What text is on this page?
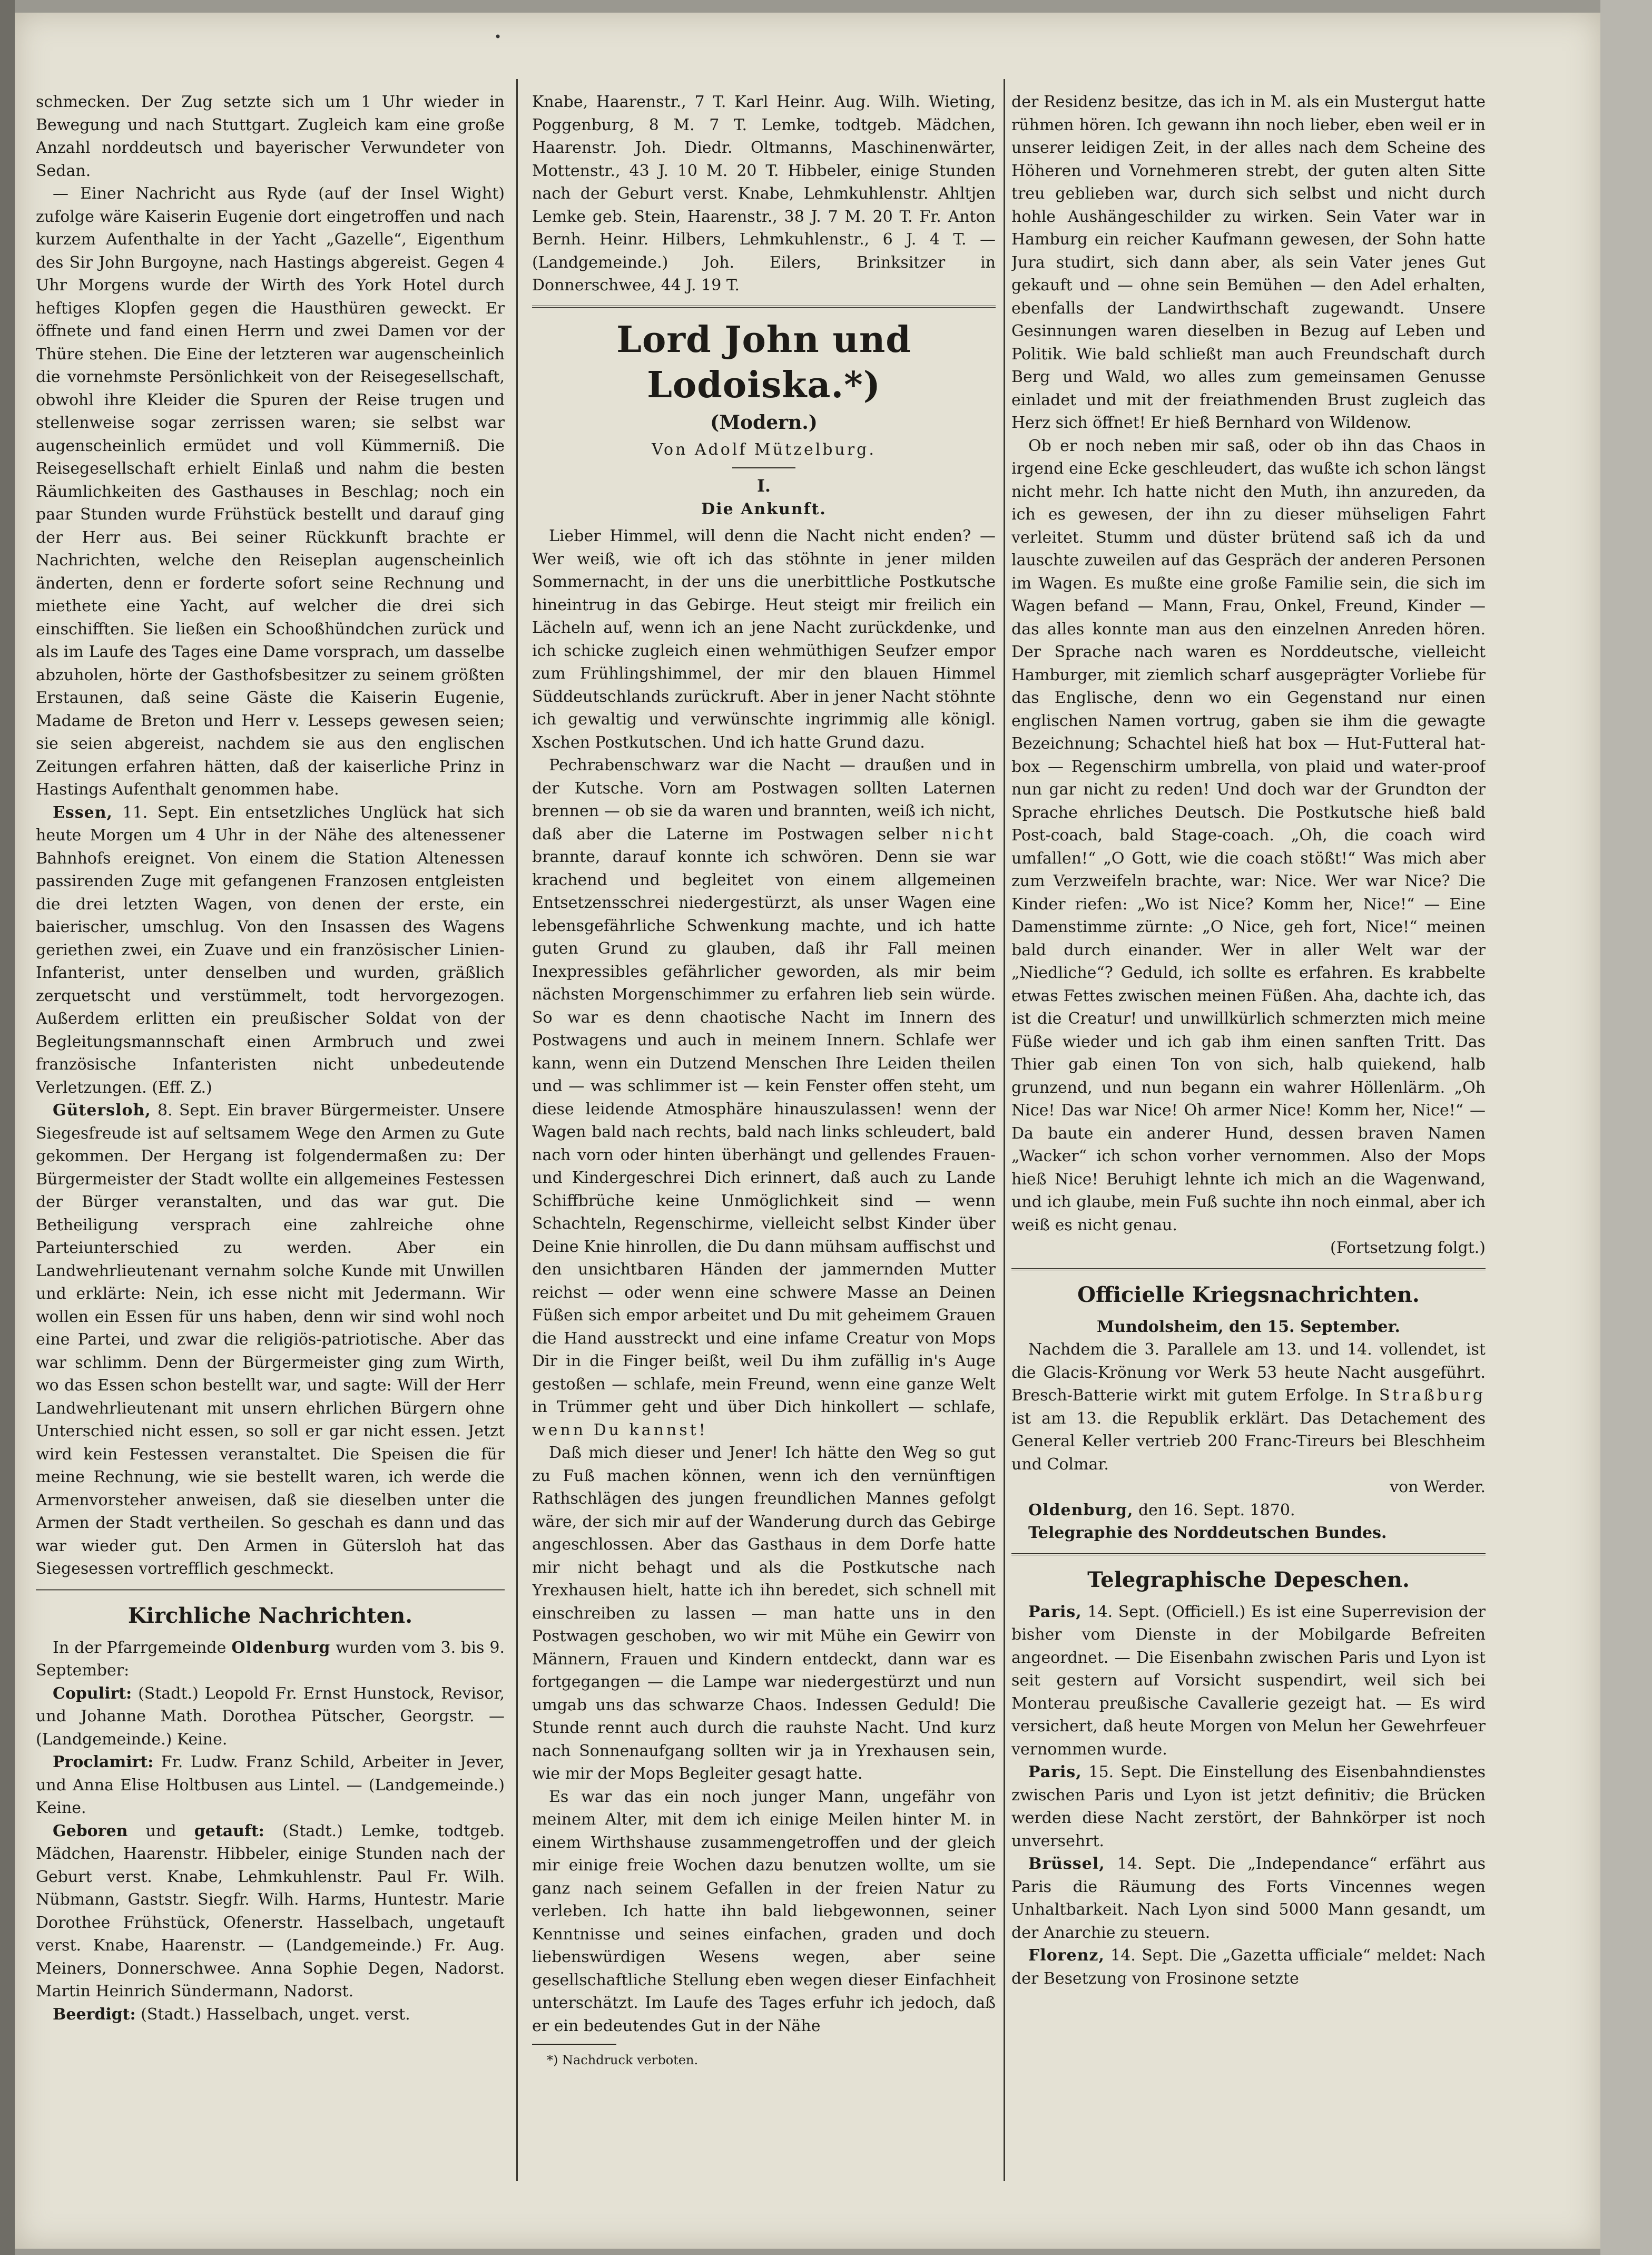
•

schmecken. Der Zug setzte sich um 1 Uhr wieder in Bewegung und nach Stuttgart. Zugleich kam eine große Anzahl norddeutsch und bayerischer Verwundeter von Sedan.

— Einer Nachricht aus Ryde (auf der Insel Wight) zufolge wäre Kaiserin Eugenie dort eingetroffen und nach kurzem Aufenthalte in der Yacht „Gazelle“, Eigenthum des Sir John Burgoyne, nach Hastings abgereist. Gegen 4 Uhr Morgens wurde der Wirth des York Hotel durch heftiges Klopfen gegen die Hausthüren geweckt. Er öffnete und fand einen Herrn und zwei Damen vor der Thüre stehen. Die Eine der letzteren war augenscheinlich die vornehmste Persönlichkeit von der Reisegesellschaft, obwohl ihre Kleider die Spuren der Reise trugen und stellenweise sogar zerrissen waren; sie selbst war augenscheinlich ermüdet und voll Kümmerniß. Die Reisegesellschaft erhielt Einlaß und nahm die besten Räumlichkeiten des Gasthauses in Beschlag; noch ein paar Stunden wurde Frühstück bestellt und darauf ging der Herr aus. Bei seiner Rückkunft brachte er Nachrichten, welche den Reiseplan augenscheinlich änderten, denn er forderte sofort seine Rechnung und miethete eine Yacht, auf welcher die drei sich einschifften. Sie ließen ein Schooßhündchen zurück und als im Laufe des Tages eine Dame vorsprach, um dasselbe abzuholen, hörte der Gasthofsbesitzer zu seinem größten Erstaunen, daß seine Gäste die Kaiserin Eugenie, Madame de Breton und Herr v. Lesseps gewesen seien; sie seien abgereist, nachdem sie aus den englischen Zeitungen erfahren hätten, daß der kaiserliche Prinz in Hastings Aufenthalt genommen habe.

Essen, 11. Sept. Ein entsetzliches Unglück hat sich heute Morgen um 4 Uhr in der Nähe des altenessener Bahnhofs ereignet. Von einem die Station Altenessen passirenden Zuge mit gefangenen Franzosen entgleisten die drei letzten Wagen, von denen der erste, ein baierischer, umschlug. Von den Insassen des Wagens geriethen zwei, ein Zuave und ein französischer Linien-Infanterist, unter denselben und wurden, gräßlich zerquetscht und verstümmelt, todt hervorgezogen. Außerdem erlitten ein preußischer Soldat von der Begleitungsmannschaft einen Armbruch und zwei französische Infanteristen nicht unbedeutende Verletzungen. (Eff. Z.)

Gütersloh, 8. Sept. Ein braver Bürgermeister. Unsere Siegesfreude ist auf seltsamem Wege den Armen zu Gute gekommen. Der Hergang ist folgendermaßen zu: Der Bürgermeister der Stadt wollte ein allgemeines Festessen der Bürger veranstalten, und das war gut. Die Betheiligung versprach eine zahlreiche ohne Parteiunterschied zu werden. Aber ein Landwehrlieutenant vernahm solche Kunde mit Unwillen und erklärte: Nein, ich esse nicht mit Jedermann. Wir wollen ein Essen für uns haben, denn wir sind wohl noch eine Partei, und zwar die religiös-patriotische. Aber das war schlimm. Denn der Bürgermeister ging zum Wirth, wo das Essen schon bestellt war, und sagte: Will der Herr Landwehrlieutenant mit unsern ehrlichen Bürgern ohne Unterschied nicht essen, so soll er gar nicht essen. Jetzt wird kein Festessen veranstaltet. Die Speisen die für meine Rechnung, wie sie bestellt waren, ich werde die Armenvorsteher anweisen, daß sie dieselben unter die Armen der Stadt vertheilen. So geschah es dann und das war wieder gut. Den Armen in Gütersloh hat das Siegesessen vortrefflich geschmeckt.

Kirchliche Nachrichten.

In der Pfarrgemeinde Oldenburg wurden vom 3. bis 9. September:

Copulirt: (Stadt.) Leopold Fr. Ernst Hunstock, Revisor, und Johanne Math. Dorothea Pütscher, Georgstr. — (Landgemeinde.) Keine.

Proclamirt: Fr. Ludw. Franz Schild, Arbeiter in Jever, und Anna Elise Holtbusen aus Lintel. — (Landgemeinde.) Keine.

Geboren und getauft: (Stadt.) Lemke, todtgeb. Mädchen, Haarenstr. Hibbeler, einige Stunden nach der Geburt verst. Knabe, Lehmkuhlenstr. Paul Fr. Wilh. Nübmann, Gaststr. Siegfr. Wilh. Harms, Huntestr. Marie Dorothee Frühstück, Ofenerstr. Hasselbach, ungetauft verst. Knabe, Haarenstr. — (Landgemeinde.) Fr. Aug. Meiners, Donnerschwee. Anna Sophie Degen, Nadorst. Martin Heinrich Sündermann, Nadorst.

Beerdigt: (Stadt.) Hasselbach, unget. verst.

Knabe, Haarenstr., 7 T. Karl Heinr. Aug. Wilh. Wieting, Poggenburg, 8 M. 7 T. Lemke, todtgeb. Mädchen, Haarenstr. Joh. Diedr. Oltmanns, Maschinenwärter, Mottenstr., 43 J. 10 M. 20 T. Hibbeler, einige Stunden nach der Geburt verst. Knabe, Lehmkuhlenstr. Ahltjen Lemke geb. Stein, Haarenstr., 38 J. 7 M. 20 T. Fr. Anton Bernh. Heinr. Hilbers, Lehmkuhlenstr., 6 J. 4 T. — (Landgemeinde.) Joh. Eilers, Brinksitzer in Donnerschwee, 44 J. 19 T.

Lord John und Lodoiska.*)
(Modern.)
Von Adolf Mützelburg.
I.
Die Ankunft.

Lieber Himmel, will denn die Nacht nicht enden? — Wer weiß, wie oft ich das stöhnte in jener milden Sommernacht, in der uns die unerbittliche Postkutsche hineintrug in das Gebirge. Heut steigt mir freilich ein Lächeln auf, wenn ich an jene Nacht zurückdenke, und ich schicke zugleich einen wehmüthigen Seufzer empor zum Frühlingshimmel, der mir den blauen Himmel Süddeutschlands zurückruft. Aber in jener Nacht stöhnte ich gewaltig und verwünschte ingrimmig alle königl. Xschen Postkutschen. Und ich hatte Grund dazu.

Pechrabenschwarz war die Nacht — draußen und in der Kutsche. Vorn am Postwagen sollten Laternen brennen — ob sie da waren und brannten, weiß ich nicht, daß aber die Laterne im Postwagen selber nicht brannte, darauf konnte ich schwören. Denn sie war krachend und begleitet von einem allgemeinen Entsetzensschrei niedergestürzt, als unser Wagen eine lebensgefährliche Schwenkung machte, und ich hatte guten Grund zu glauben, daß ihr Fall meinen Inexpressibles gefährlicher geworden, als mir beim nächsten Morgenschimmer zu erfahren lieb sein würde. So war es denn chaotische Nacht im Innern des Postwagens und auch in meinem Innern. Schlafe wer kann, wenn ein Dutzend Menschen Ihre Leiden theilen und — was schlimmer ist — kein Fenster offen steht, um diese leidende Atmosphäre hinauszulassen! wenn der Wagen bald nach rechts, bald nach links schleudert, bald nach vorn oder hinten überhängt und gellendes Frauen- und Kindergeschrei Dich erinnert, daß auch zu Lande Schiffbrüche keine Unmöglichkeit sind — wenn Schachteln, Regenschirme, vielleicht selbst Kinder über Deine Knie hinrollen, die Du dann mühsam auffischst und den unsichtbaren Händen der jammernden Mutter reichst — oder wenn eine schwere Masse an Deinen Füßen sich empor arbeitet und Du mit geheimem Grauen die Hand ausstreckt und eine infame Creatur von Mops Dir in die Finger beißt, weil Du ihm zufällig in's Auge gestoßen — schlafe, mein Freund, wenn eine ganze Welt in Trümmer geht und über Dich hinkollert — schlafe, wenn Du kannst!

Daß mich dieser und Jener! Ich hätte den Weg so gut zu Fuß machen können, wenn ich den vernünftigen Rathschlägen des jungen freundlichen Mannes gefolgt wäre, der sich mir auf der Wanderung durch das Gebirge angeschlossen. Aber das Gasthaus in dem Dorfe hatte mir nicht behagt und als die Postkutsche nach Yrexhausen hielt, hatte ich ihn beredet, sich schnell mit einschreiben zu lassen — man hatte uns in den Postwagen geschoben, wo wir mit Mühe ein Gewirr von Männern, Frauen und Kindern entdeckt, dann war es fortgegangen — die Lampe war niedergestürzt und nun umgab uns das schwarze Chaos. Indessen Geduld! Die Stunde rennt auch durch die rauhste Nacht. Und kurz nach Sonnenaufgang sollten wir ja in Yrexhausen sein, wie mir der Mops Begleiter gesagt hatte.

Es war das ein noch junger Mann, ungefähr von meinem Alter, mit dem ich einige Meilen hinter M. in einem Wirthshause zusammengetroffen und der gleich mir einige freie Wochen dazu benutzen wollte, um sie ganz nach seinem Gefallen in der freien Natur zu verleben. Ich hatte ihn bald liebgewonnen, seiner Kenntnisse und seines einfachen, graden und doch liebenswürdigen Wesens wegen, aber seine gesellschaftliche Stellung eben wegen dieser Einfachheit unterschätzt. Im Laufe des Tages erfuhr ich jedoch, daß er ein bedeutendes Gut in der Nähe

*) Nachdruck verboten.

der Residenz besitze, das ich in M. als ein Mustergut hatte rühmen hören. Ich gewann ihn noch lieber, eben weil er in unserer leidigen Zeit, in der alles nach dem Scheine des Höheren und Vornehmeren strebt, der guten alten Sitte treu geblieben war, durch sich selbst und nicht durch hohle Aushängeschilder zu wirken. Sein Vater war in Hamburg ein reicher Kaufmann gewesen, der Sohn hatte Jura studirt, sich dann aber, als sein Vater jenes Gut gekauft und — ohne sein Bemühen — den Adel erhalten, ebenfalls der Landwirthschaft zugewandt. Unsere Gesinnungen waren dieselben in Bezug auf Leben und Politik. Wie bald schließt man auch Freundschaft durch Berg und Wald, wo alles zum gemeinsamen Genusse einladet und mit der freiathmenden Brust zugleich das Herz sich öffnet! Er hieß Bernhard von Wildenow.

Ob er noch neben mir saß, oder ob ihn das Chaos in irgend eine Ecke geschleudert, das wußte ich schon längst nicht mehr. Ich hatte nicht den Muth, ihn anzureden, da ich es gewesen, der ihn zu dieser mühseligen Fahrt verleitet. Stumm und düster brütend saß ich da und lauschte zuweilen auf das Gespräch der anderen Personen im Wagen. Es mußte eine große Familie sein, die sich im Wagen befand — Mann, Frau, Onkel, Freund, Kinder — das alles konnte man aus den einzelnen Anreden hören. Der Sprache nach waren es Norddeutsche, vielleicht Hamburger, mit ziemlich scharf ausgeprägter Vorliebe für das Englische, denn wo ein Gegenstand nur einen englischen Namen vortrug, gaben sie ihm die gewagte Bezeichnung; Schachtel hieß hat box — Hut-Futteral hat-box — Regenschirm umbrella, von plaid und water-proof nun gar nicht zu reden! Und doch war der Grundton der Sprache ehrliches Deutsch. Die Postkutsche hieß bald Post-coach, bald Stage-coach. „Oh, die coach wird umfallen!“ „O Gott, wie die coach stößt!“ Was mich aber zum Verzweifeln brachte, war: Nice. Wer war Nice? Die Kinder riefen: „Wo ist Nice? Komm her, Nice!“ — Eine Damenstimme zürnte: „O Nice, geh fort, Nice!“ meinen bald durch einander. Wer in aller Welt war der „Niedliche“? Geduld, ich sollte es erfahren. Es krabbelte etwas Fettes zwischen meinen Füßen. Aha, dachte ich, das ist die Creatur! und unwillkürlich schmerzten mich meine Füße wieder und ich gab ihm einen sanften Tritt. Das Thier gab einen Ton von sich, halb quiekend, halb grunzend, und nun begann ein wahrer Höllenlärm. „Oh Nice! Das war Nice! Oh armer Nice! Komm her, Nice!“ — Da baute ein anderer Hund, dessen braven Namen „Wacker“ ich schon vorher vernommen. Also der Mops hieß Nice! Beruhigt lehnte ich mich an die Wagenwand, und ich glaube, mein Fuß suchte ihn noch einmal, aber ich weiß es nicht genau.

(Fortsetzung folgt.)
Officielle Kriegsnachrichten.
Mundolsheim, den 15. September.

Nachdem die 3. Parallele am 13. und 14. vollendet, ist die Glacis-Krönung vor Werk 53 heute Nacht ausgeführt. Bresch-Batterie wirkt mit gutem Erfolge. In Straßburg ist am 13. die Republik erklärt. Das Detachement des General Keller vertrieb 200 Franc-Tireurs bei Bleschheim und Colmar.

von Werder.

Oldenburg, den 16. Sept. 1870.

Telegraphie des Norddeutschen Bundes.

Telegraphische Depeschen.

Paris, 14. Sept. (Officiell.) Es ist eine Superrevision der bisher vom Dienste in der Mobilgarde Befreiten angeordnet. — Die Eisenbahn zwischen Paris und Lyon ist seit gestern auf Vorsicht suspendirt, weil sich bei Monterau preußische Cavallerie gezeigt hat. — Es wird versichert, daß heute Morgen von Melun her Gewehrfeuer vernommen wurde.

Paris, 15. Sept. Die Einstellung des Eisenbahndienstes zwischen Paris und Lyon ist jetzt definitiv; die Brücken werden diese Nacht zerstört, der Bahnkörper ist noch unversehrt.

Brüssel, 14. Sept. Die „Independance“ erfährt aus Paris die Räumung des Forts Vincennes wegen Unhaltbarkeit. Nach Lyon sind 5000 Mann gesandt, um der Anarchie zu steuern.

Florenz, 14. Sept. Die „Gazetta ufficiale“ meldet: Nach der Besetzung von Frosinone setzte
